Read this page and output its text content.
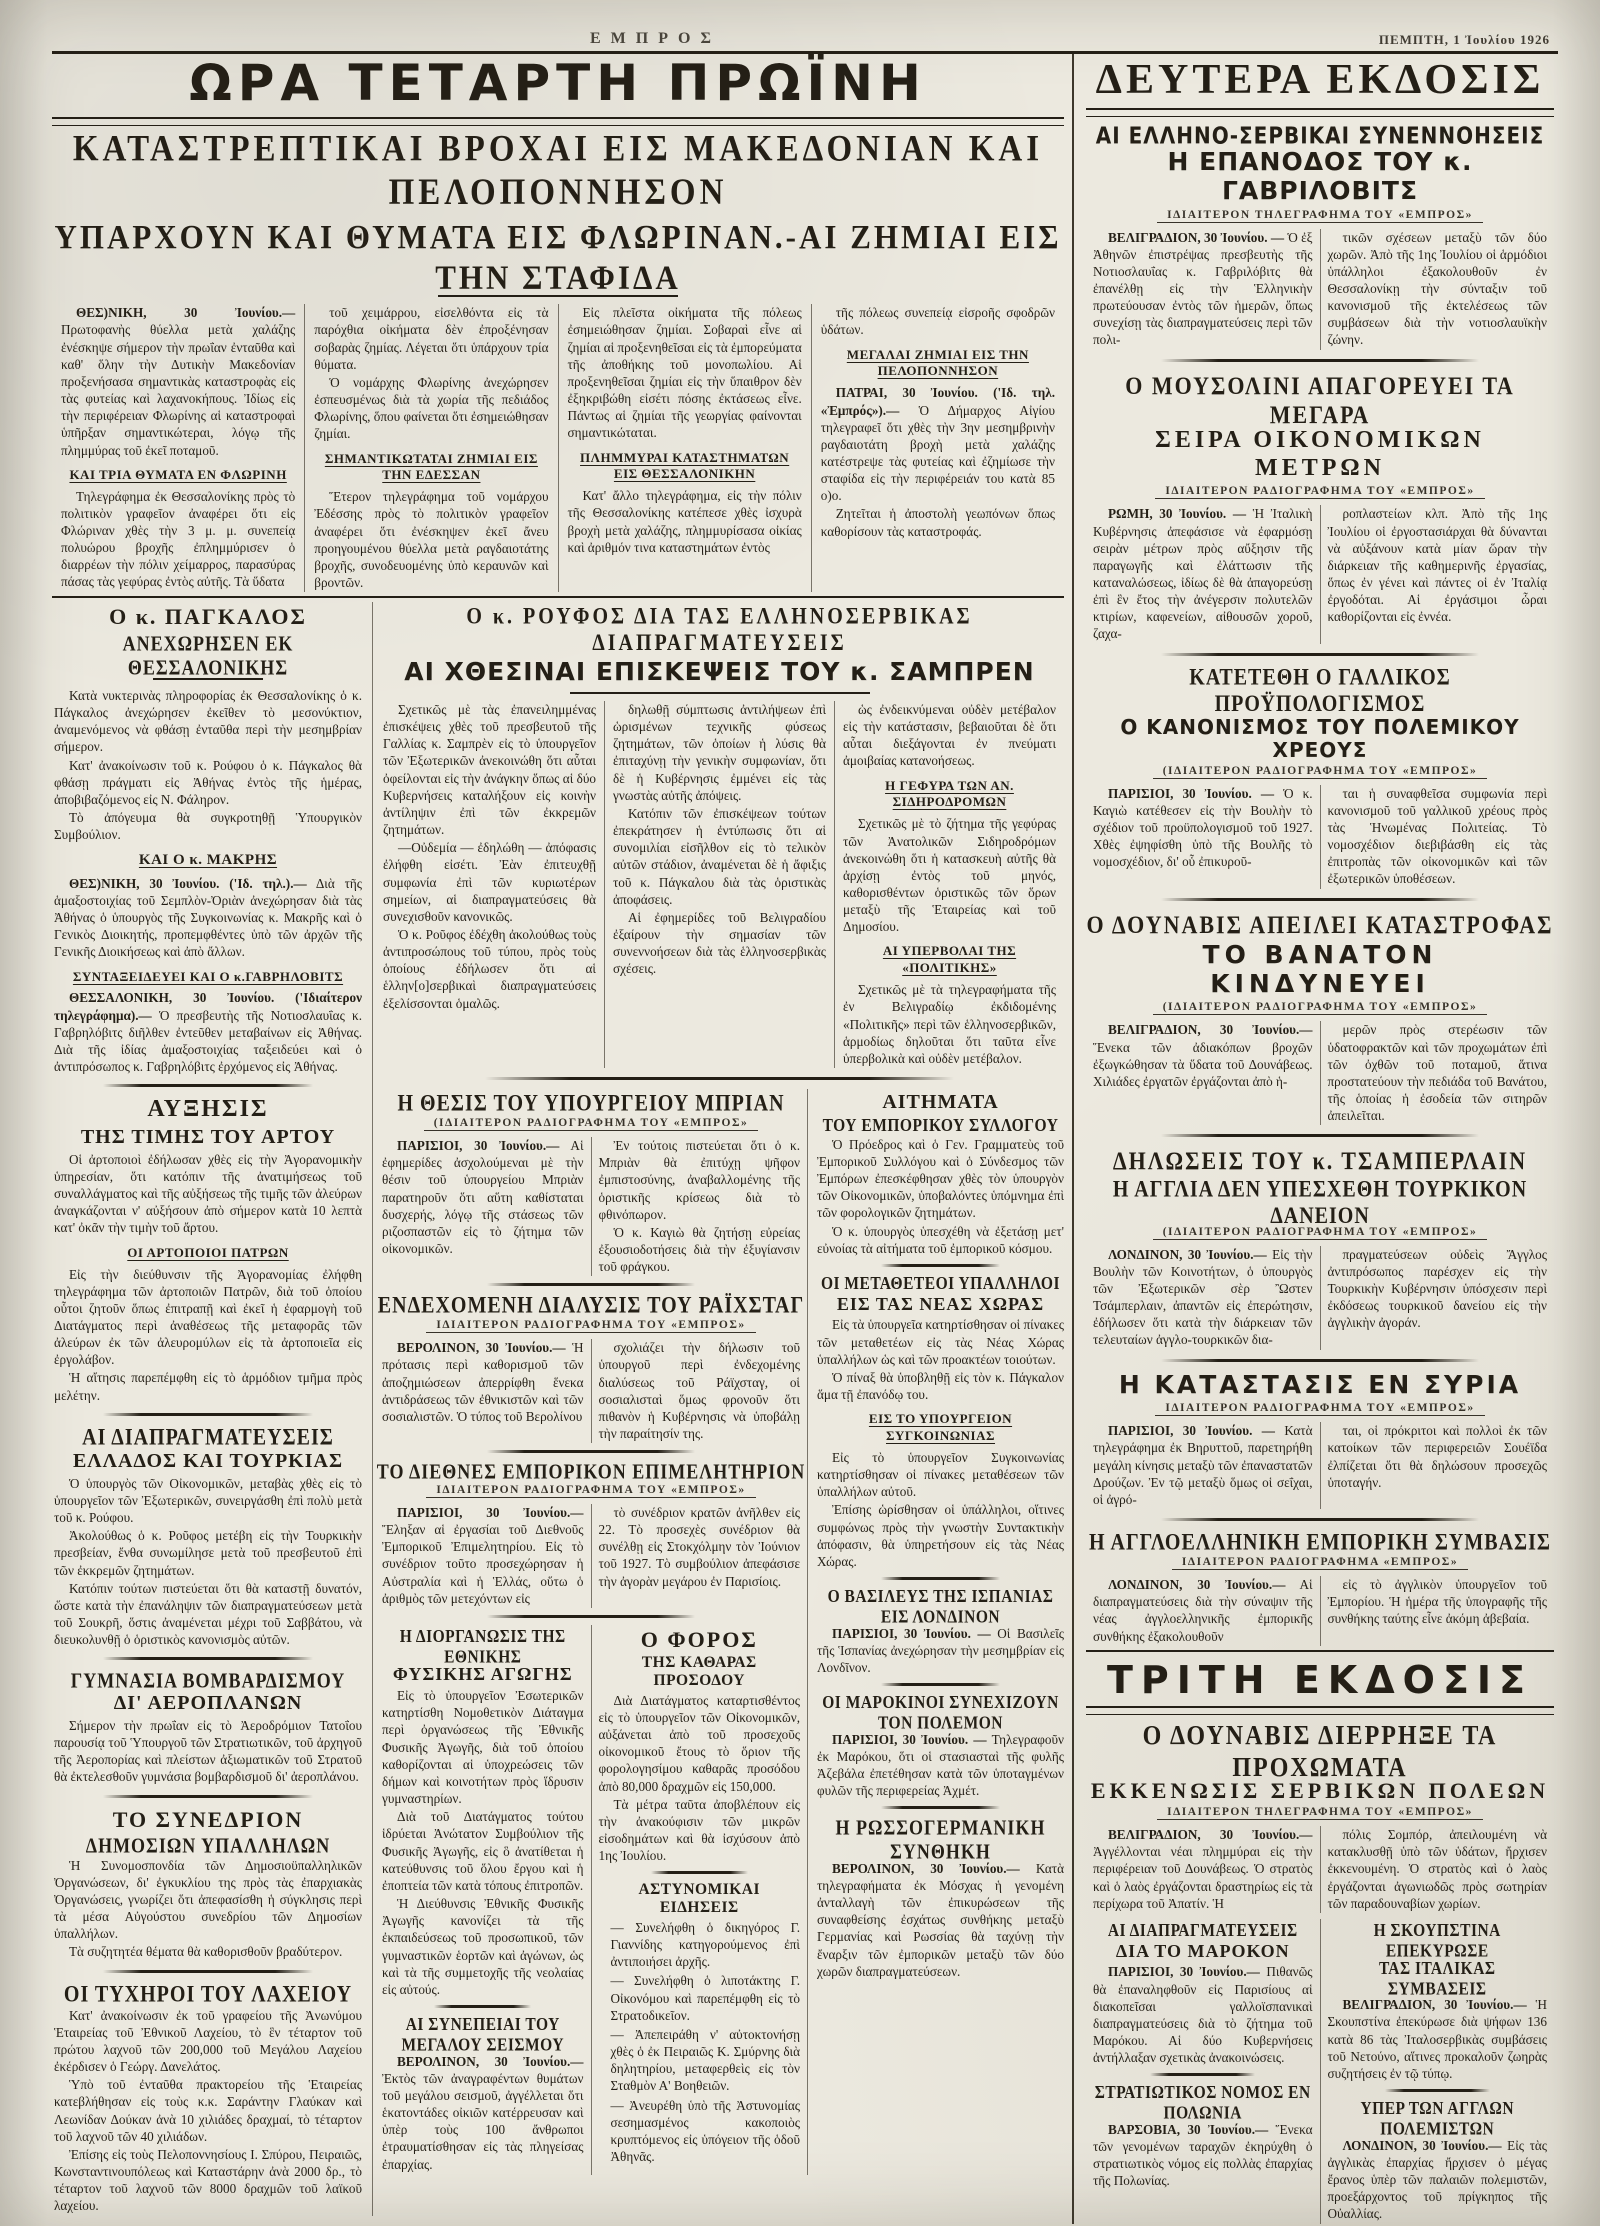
ΕΜΠΡΟΣ	ΠΕΜΠΤΗ, 1 Ἰουλίου 1926
ΩΡΑ ΤΕΤΑΡΤΗ ΠΡΩΪΝΗ
ΚΑΤΑΣΤΡΕΠΤΙΚΑΙ ΒΡΟΧΑΙ ΕΙΣ ΜΑΚΕΔΟΝΙΑΝ ΚΑΙ ΠΕΛΟΠΟΝΝΗΣΟΝ
ΥΠΑΡΧΟΥΝ ΚΑΙ ΘΥΜΑΤΑ ΕΙΣ ΦΛΩΡΙΝΑΝ.-ΑΙ ΖΗΜΙΑΙ ΕΙΣ ΤΗΝ ΣΤΑΦΙΔΑ

ΘΕΣ)ΝΙΚΗ, 30 Ἰουνίου.— Πρωτοφανὴς θύελλα μετὰ χαλάζης ἐνέσκηψε σήμερον τὴν πρωΐαν ἐνταῦθα καὶ καθ' ὅλην τὴν Δυτικὴν Μακεδονίαν προξενήσασα σημαντικὰς καταστροφὰς εἰς τὰς φυτείας καὶ λαχανοκήπους. Ἰδίως εἰς τὴν περιφέρειαν Φλωρίνης αἱ καταστροφαὶ ὑπῆρξαν σημαντικώτεραι, λόγῳ τῆς πλημμύρας τοῦ ἐκεῖ ποταμοῦ.

ΚΑΙ ΤΡΙΑ ΘΥΜΑΤΑ ΕΝ ΦΛΩΡΙΝΗ

Τηλεγράφημα ἐκ Θεσσαλονίκης πρὸς τὸ πολιτικὸν γραφεῖον ἀναφέρει ὅτι εἰς Φλώριναν χθὲς τὴν 3 μ. μ. συνεπείᾳ πολυώρου βροχῆς ἐπλημμύρισεν ὁ διαρρέων τὴν πόλιν χείμαρρος, παρασύρας πάσας τὰς γεφύρας ἐντὸς αὐτῆς. Τὰ ὕδατα

τοῦ χειμάρρου, εἰσελθόντα εἰς τὰ παρόχθια οἰκήματα δὲν ἐπροξένησαν σοβαρὰς ζημίας. Λέγεται ὅτι ὑπάρχουν τρία θύματα.

Ὁ νομάρχης Φλωρίνης ἀνεχώρησεν ἐσπευσμένως διὰ τὰ χωρία τῆς πεδιάδος Φλωρίνης, ὅπου φαίνεται ὅτι ἐσημειώθησαν ζημίαι.

ΣΗΜΑΝΤΙΚΩΤΑΤΑΙ ΖΗΜΙΑΙ ΕΙΣ ΤΗΝ ΕΔΕΣΣΑΝ

Ἕτερον τηλεγράφημα τοῦ νομάρχου Ἐδέσσης πρὸς τὸ πολιτικὸν γραφεῖον ἀναφέρει ὅτι ἐνέσκηψεν ἐκεῖ ἄνευ προηγουμένου θύελλα μετὰ ραγδαιοτάτης βροχῆς, συνοδευομένης ὑπὸ κεραυνῶν καὶ βροντῶν.

Εἰς πλεῖστα οἰκήματα τῆς πόλεως ἐσημειώθησαν ζημίαι. Σοβαραὶ εἶνε αἱ ζημίαι αἱ προξενηθεῖσαι εἰς τὰ ἐμπορεύματα τῆς ἀποθήκης τοῦ μονοπωλίου. Αἱ προξενηθεῖσαι ζημίαι εἰς τὴν ὕπαιθρον δὲν ἐξηκριβώθη εἰσέτι πόσης ἐκτάσεως εἶνε. Πάντως αἱ ζημίαι τῆς γεωργίας φαίνονται σημαντικώταται.

ΠΛΗΜΜΥΡΑΙ ΚΑΤΑΣΤΗΜΑΤΩΝ ΕΙΣ ΘΕΣΣΑΛΟΝΙΚΗΝ

Κατ' ἄλλο τηλεγράφημα, εἰς τὴν πόλιν τῆς Θεσσαλονίκης κατέπεσε χθὲς ἰσχυρὰ βροχὴ μετὰ χαλάζης, πλημμυρίσασα οἰκίας καὶ ἀριθμόν τινα καταστημάτων ἐντὸς

τῆς πόλεως συνεπείᾳ εἰσροῆς σφοδρῶν ὑδάτων.

ΜΕΓΑΛΑΙ ΖΗΜΙΑΙ ΕΙΣ ΤΗΝ ΠΕΛΟΠΟΝΝΗΣΟΝ

ΠΑΤΡΑΙ, 30 Ἰουνίου. ('Ιδ. τηλ. «Ἐμπρός»).— Ὁ Δήμαρχος Αἰγίου τηλεγραφεῖ ὅτι χθὲς τὴν 3ην μεσημβρινὴν ραγδαιοτάτη βροχὴ μετὰ χαλάζης κατέστρεψε τὰς φυτείας καὶ ἐζημίωσε τὴν σταφίδα εἰς τὴν περιφέρειάν του κατὰ 85 ο)ο.

Ζητεῖται ἡ ἀποστολὴ γεωπόνων ὅπως καθορίσουν τὰς καταστροφάς.

Ο κ. ΠΑΓΚΑΛΟΣ
ΑΝΕΧΩΡΗΣΕΝ ΕΚ ΘΕΣΣΑΛΟΝΙΚΗΣ

Κατὰ νυκτερινὰς πληροφορίας ἐκ Θεσσαλονίκης ὁ κ. Πάγκαλος ἀνεχώρησεν ἐκεῖθεν τὸ μεσονύκτιον, ἀναμενόμενος νὰ φθάσῃ ἐνταῦθα περὶ τὴν μεσημβρίαν σήμερον.

Κατ' ἀνακοίνωσιν τοῦ κ. Ρούφου ὁ κ. Πάγκαλος θὰ φθάσῃ πράγματι εἰς Ἀθήνας ἐντὸς τῆς ἡμέρας, ἀποβιβαζόμενος εἰς Ν. Φάληρον.

Τὸ ἀπόγευμα θὰ συγκροτηθῇ Ὑπουργικὸν Συμβούλιον.

ΚΑΙ Ο κ. ΜΑΚΡΗΣ

ΘΕΣ)ΝΙΚΗ, 30 Ἰουνίου. ('Ιδ. τηλ.).— Διὰ τῆς ἁμαξοστοιχίας τοῦ Σεμπλὸν-Ὀριὰν ἀνεχώρησαν διὰ τὰς Ἀθήνας ὁ ὑπουργὸς τῆς Συγκοινωνίας κ. Μακρῆς καὶ ὁ Γενικὸς Διοικητής, προπεμφθέντες ὑπὸ τῶν ἀρχῶν τῆς Γενικῆς Διοικήσεως καὶ ἀπὸ ἄλλων.

ΣΥΝΤΑΞΕΙΔΕΥΕΙ ΚΑΙ Ο κ.ΓΑΒΡΗΛΟΒΙΤΣ

ΘΕΣΣΑΛΟΝΙΚΗ, 30 Ἰουνίου. ('Ιδιαίτερον τηλεγράφημα).— Ὁ πρεσβευτὴς τῆς Νοτιοσλαυΐας κ. Γαβρηλόβιτς διῆλθεν ἐντεῦθεν μεταβαίνων εἰς Ἀθήνας. Διὰ τῆς ἰδίας ἁμαξοστοιχίας ταξειδεύει καὶ ὁ ἀντιπρόσωπος κ. Γαβρηλόβιτς ἐρχόμενος εἰς Ἀθήνας.

ΑΥΞΗΣΙΣ
ΤΗΣ ΤΙΜΗΣ ΤΟΥ ΑΡΤΟΥ

Οἱ ἀρτοποιοὶ ἐδήλωσαν χθὲς εἰς τὴν Ἀγορανομικὴν ὑπηρεσίαν, ὅτι κατόπιν τῆς ἀνατιμήσεως τοῦ συναλλάγματος καὶ τῆς αὐξήσεως τῆς τιμῆς τῶν ἀλεύρων ἀναγκάζονται ν' αὐξήσουν ἀπὸ σήμερον κατὰ 10 λεπτὰ κατ' ὀκᾶν τὴν τιμὴν τοῦ ἄρτου.

ΟΙ ΑΡΤΟΠΟΙΟΙ ΠΑΤΡΩΝ

Εἰς τὴν διεύθυνσιν τῆς Ἀγορανομίας ἐλήφθη τηλεγράφημα τῶν ἀρτοποιῶν Πατρῶν, διὰ τοῦ ὁποίου οὗτοι ζητοῦν ὅπως ἐπιτραπῇ καὶ ἐκεῖ ἡ ἐφαρμογὴ τοῦ Διατάγματος περὶ ἀναθέσεως τῆς μεταφορᾶς τῶν ἀλεύρων ἐκ τῶν ἀλευρομύλων εἰς τὰ ἀρτοποιεῖα εἰς ἐργολάβον.

Ἡ αἴτησις παρεπέμφθη εἰς τὸ ἁρμόδιον τμῆμα πρὸς μελέτην.

ΑΙ ΔΙΑΠΡΑΓΜΑΤΕΥΣΕΙΣ
ΕΛΛΑΔΟΣ ΚΑΙ ΤΟΥΡΚΙΑΣ

Ὁ ὑπουργὸς τῶν Οἰκονομικῶν, μεταβὰς χθὲς εἰς τὸ ὑπουργεῖον τῶν Ἐξωτερικῶν, συνειργάσθη ἐπὶ πολὺ μετὰ τοῦ κ. Ρούφου.

Ἀκολούθως ὁ κ. Ροῦφος μετέβη εἰς τὴν Τουρκικὴν πρεσβείαν, ἔνθα συνωμίλησε μετὰ τοῦ πρεσβευτοῦ ἐπὶ τῶν ἐκκρεμῶν ζητημάτων.

Κατόπιν τούτων πιστεύεται ὅτι θὰ καταστῇ δυνατόν, ὥστε κατὰ τὴν ἐπανάληψιν τῶν διαπραγματεύσεων μετὰ τοῦ Σουκρῆ, ὅστις ἀναμένεται μέχρι τοῦ Σαββάτου, νὰ διευκολυνθῇ ὁ ὁριστικὸς κανονισμὸς αὐτῶν.

ΓΥΜΝΑΣΙΑ ΒΟΜΒΑΡΔΙΣΜΟΥ
ΔΙ' ΑΕΡΟΠΛΑΝΩΝ

Σήμερον τὴν πρωΐαν εἰς τὸ Ἀεροδρόμιον Τατοΐου παρουσίᾳ τοῦ Ὑπουργοῦ τῶν Στρατιωτικῶν, τοῦ ἀρχηγοῦ τῆς Ἀεροπορίας καὶ πλείστων ἀξιωματικῶν τοῦ Στρατοῦ θὰ ἐκτελεσθοῦν γυμνάσια βομβαρδισμοῦ δι' ἀεροπλάνου.

ΤΟ ΣΥΝΕΔΡΙΟΝ
ΔΗΜΟΣΙΩΝ ΥΠΑΛΛΗΛΩΝ

Ἡ Συνομοσπονδία τῶν Δημοσιοϋπαλληλικῶν Ὀργανώσεων, δι' ἐγκυκλίου της πρὸς τὰς ἐπαρχιακὰς Ὀργανώσεις, γνωρίζει ὅτι ἀπεφασίσθη ἡ σύγκλησις περὶ τὰ μέσα Αὐγούστου συνεδρίου τῶν Δημοσίων ὑπαλλήλων.

Τὰ συζητητέα θέματα θὰ καθορισθοῦν βραδύτερον.

ΟΙ ΤΥΧΗΡΟΙ ΤΟΥ ΛΑΧΕΙΟΥ

Κατ' ἀνακοίνωσιν ἐκ τοῦ γραφείου τῆς Ἀνωνύμου Ἑταιρείας τοῦ Ἐθνικοῦ Λαχείου, τὸ ἓν τέταρτον τοῦ πρώτου λαχνοῦ τῶν 200,000 τοῦ Μεγάλου Λαχείου ἐκέρδισεν ὁ Γεώργ. Δανελάτος.

Ὑπὸ τοῦ ἐνταῦθα πρακτορείου τῆς Ἑταιρείας κατεβλήθησαν εἰς τοὺς κ.κ. Σαράντην Γλαύκαν καὶ Λεωνίδαν Δούκαν ἀνὰ 10 χιλιάδες δραχμαί, τὸ τέταρτον τοῦ λαχνοῦ τῶν 40 χιλιάδων.

Ἐπίσης εἰς τοὺς Πελοποννησίους Ι. Σπύρου, Πειραιῶς, Κωνσταντινουπόλεως καὶ Καταστάρην ἀνὰ 2000 δρ., τὸ τέταρτον τοῦ λαχνοῦ τῶν 8000 δραχμῶν τοῦ λαϊκοῦ λαχείου.

Ο κ. ΡΟΥΦΟΣ ΔΙΑ ΤΑΣ ΕΛΛΗΝΟΣΕΡΒΙΚΑΣ ΔΙΑΠΡΑΓΜΑΤΕΥΣΕΙΣ
ΑΙ ΧΘΕΣΙΝΑΙ ΕΠΙΣΚΕΨΕΙΣ ΤΟΥ κ. ΣΑΜΠΡΕΝ

Σχετικῶς μὲ τὰς ἐπανειλημμένας ἐπισκέψεις χθὲς τοῦ πρεσβευτοῦ τῆς Γαλλίας κ. Σαμπρὲν εἰς τὸ ὑπουργεῖον τῶν Ἐξωτερικῶν ἀνεκοινώθη ὅτι αὗται ὀφείλονται εἰς τὴν ἀνάγκην ὅπως αἱ δύο Κυβερνήσεις καταλήξουν εἰς κοινὴν ἀντίληψιν ἐπὶ τῶν ἐκκρεμῶν ζητημάτων.

—Οὐδεμία — ἐδηλώθη — ἀπόφασις ἐλήφθη εἰσέτι. Ἐὰν ἐπιτευχθῇ συμφωνία ἐπὶ τῶν κυριωτέρων σημείων, αἱ διαπραγματεύσεις θὰ συνεχισθοῦν κανονικῶς.

Ὁ κ. Ροῦφος ἐδέχθη ἀκολούθως τοὺς ἀντιπροσώπους τοῦ τύπου, πρὸς τοὺς ὁποίους ἐδήλωσεν ὅτι αἱ ἑλλην[ο]σερβικαὶ διαπραγματεύσεις ἐξελίσσονται ὁμαλῶς.

δηλωθῇ σύμπτωσις ἀντιλήψεων ἐπὶ ὡρισμένων τεχνικῆς φύσεως ζητημάτων, τῶν ὁποίων ἡ λύσις θὰ ἐπιταχύνῃ τὴν γενικὴν συμφωνίαν, ὅτι δὲ ἡ Κυβέρνησις ἐμμένει εἰς τὰς γνωστὰς αὐτῆς ἀπόψεις.

Κατόπιν τῶν ἐπισκέψεων τούτων ἐπεκράτησεν ἡ ἐντύπωσις ὅτι αἱ συνομιλίαι εἰσῆλθον εἰς τὸ τελικὸν αὐτῶν στάδιον, ἀναμένεται δὲ ἡ ἄφιξις τοῦ κ. Πάγκαλου διὰ τὰς ὁριστικὰς ἀποφάσεις.

Αἱ ἐφημερίδες τοῦ Βελιγραδίου ἐξαίρουν τὴν σημασίαν τῶν συνεννοήσεων διὰ τὰς ἑλληνοσερβικὰς σχέσεις.

ὡς ἐνδεικνύμεναι οὐδὲν μετέβαλον εἰς τὴν κατάστασιν, βεβαιοῦται δὲ ὅτι αὗται διεξάγονται ἐν πνεύματι ἀμοιβαίας κατανοήσεως.

Η ΓΕΦΥΡΑ ΤΩΝ ΑΝ. ΣΙΔΗΡΟΔΡΟΜΩΝ

Σχετικῶς μὲ τὸ ζήτημα τῆς γεφύρας τῶν Ἀνατολικῶν Σιδηροδρόμων ἀνεκοινώθη ὅτι ἡ κατασκευὴ αὐτῆς θὰ ἀρχίσῃ ἐντὸς τοῦ μηνός, καθορισθέντων ὁριστικῶς τῶν ὅρων μεταξὺ τῆς Ἑταιρείας καὶ τοῦ Δημοσίου.

ΑΙ ΥΠΕΡΒΟΛΑΙ ΤΗΣ «ΠΟΛΙΤΙΚΗΣ»

Σχετικῶς μὲ τὰ τηλεγραφήματα τῆς ἐν Βελιγραδίῳ ἐκδιδομένης «Πολιτικῆς» περὶ τῶν ἑλληνοσερβικῶν, ἁρμοδίως δηλοῦται ὅτι ταῦτα εἶνε ὑπερβολικὰ καὶ οὐδὲν μετέβαλον.

Η ΘΕΣΙΣ ΤΟΥ ΥΠΟΥΡΓΕΙΟΥ ΜΠΡΙΑΝ
(ΙΔΙΑΙΤΕΡΟΝ ΡΑΔΙΟΓΡΑΦΗΜΑ ΤΟΥ «ΕΜΠΡΟΣ»

ΠΑΡΙΣΙΟΙ, 30 Ἰουνίου.— Αἱ ἐφημερίδες ἀσχολούμεναι μὲ τὴν θέσιν τοῦ ὑπουργείου Μπριὰν παρατηροῦν ὅτι αὕτη καθίσταται δυσχερής, λόγῳ τῆς στάσεως τῶν ριζοσπαστῶν εἰς τὸ ζήτημα τῶν οἰκονομικῶν.

Ἐν τούτοις πιστεύεται ὅτι ὁ κ. Μπριὰν θὰ ἐπιτύχῃ ψῆφον ἐμπιστοσύνης, ἀναβαλλομένης τῆς ὁριστικῆς κρίσεως διὰ τὸ φθινόπωρον.

Ὁ κ. Καγιὼ θὰ ζητήσῃ εὐρείας ἐξουσιοδοτήσεις διὰ τὴν ἐξυγίανσιν τοῦ φράγκου.

ΕΝΔΕΧΟΜΕΝΗ ΔΙΑΛΥΣΙΣ ΤΟΥ ΡΑΪΧΣΤΑΓ
ΙΔΙΑΙΤΕΡΟΝ ΡΑΔΙΟΓΡΑΦΗΜΑ ΤΟΥ «ΕΜΠΡΟΣ»

ΒΕΡΟΛΙΝΟΝ, 30 Ἰουνίου.— Ἡ πρότασις περὶ καθορισμοῦ τῶν ἀποζημιώσεων ἀπερρίφθη ἕνεκα ἀντιδράσεως τῶν ἐθνικιστῶν καὶ τῶν σοσιαλιστῶν. Ὁ τύπος τοῦ Βερολίνου

σχολιάζει τὴν δήλωσιν τοῦ ὑπουργοῦ περὶ ἐνδεχομένης διαλύσεως τοῦ Ράϊχσταγ, οἱ σοσιαλισταὶ ὅμως φρονοῦν ὅτι πιθανὸν ἡ Κυβέρνησις νὰ ὑποβάλῃ τὴν παραίτησίν της.

ΤΟ ΔΙΕΘΝΕΣ ΕΜΠΟΡΙΚΟΝ ΕΠΙΜΕΛΗΤΗΡΙΟΝ
ΙΔΙΑΙΤΕΡΟΝ ΡΑΔΙΟΓΡΑΦΗΜΑ ΤΟΥ «ΕΜΠΡΟΣ»

ΠΑΡΙΣΙΟΙ, 30 Ἰουνίου.— Ἔληξαν αἱ ἐργασίαι τοῦ Διεθνοῦς Ἐμπορικοῦ Ἐπιμελητηρίου. Εἰς τὸ συνέδριον τοῦτο προσεχώρησαν ἡ Αὐστραλία καὶ ἡ Ἑλλάς, οὕτω ὁ ἀριθμὸς τῶν μετεχόντων εἰς

τὸ συνέδριον κρατῶν ἀνῆλθεν εἰς 22. Τὸ προσεχὲς συνέδριον θὰ συνέλθῃ εἰς Στοκχόλμην τὸν Ἰούνιον τοῦ 1927. Τὸ συμβούλιον ἀπεφάσισε τὴν ἀγορὰν μεγάρου ἐν Παρισίοις.

Η ΔΙΟΡΓΑΝΩΣΙΣ ΤΗΣ ΕΘΝΙΚΗΣ
ΦΥΣΙΚΗΣ ΑΓΩΓΗΣ

Εἰς τὸ ὑπουργεῖον Ἐσωτερικῶν κατηρτίσθη Νομοθετικὸν Διάταγμα περὶ ὀργανώσεως τῆς Ἐθνικῆς Φυσικῆς Ἀγωγῆς, διὰ τοῦ ὁποίου καθορίζονται αἱ ὑποχρεώσεις τῶν δήμων καὶ κοινοτήτων πρὸς ἵδρυσιν γυμναστηρίων.

Διὰ τοῦ Διατάγματος τούτου ἱδρύεται Ἀνώτατον Συμβούλιον τῆς Φυσικῆς Ἀγωγῆς, εἰς ὃ ἀνατίθεται ἡ κατεύθυνσις τοῦ ὅλου ἔργου καὶ ἡ ἐποπτεία τῶν κατὰ τόπους ἐπιτροπῶν.

Ἡ Διεύθυνσις Ἐθνικῆς Φυσικῆς Ἀγωγῆς κανονίζει τὰ τῆς ἐκπαιδεύσεως τοῦ προσωπικοῦ, τῶν γυμναστικῶν ἑορτῶν καὶ ἀγώνων, ὡς καὶ τὰ τῆς συμμετοχῆς τῆς νεολαίας εἰς αὐτούς.

ΑΙ ΣΥΝΕΠΕΙΑΙ ΤΟΥ ΜΕΓΑΛΟΥ ΣΕΙΣΜΟΥ

ΒΕΡΟΛΙΝΟΝ, 30 Ἰουνίου.— Ἐκτὸς τῶν ἀναγραφέντων θυμάτων τοῦ μεγάλου σεισμοῦ, ἀγγέλλεται ὅτι ἑκατοντάδες οἰκιῶν κατέρρευσαν καὶ ὑπὲρ τοὺς 100 ἄνθρωποι ἐτραυματίσθησαν εἰς τὰς πληγείσας ἐπαρχίας.

Ο ΦΟΡΟΣ
ΤΗΣ ΚΑΘΑΡΑΣ ΠΡΟΣΟΔΟΥ

Διὰ Διατάγματος καταρτισθέντος εἰς τὸ ὑπουργεῖον τῶν Οἰκονομικῶν, αὐξάνεται ἀπὸ τοῦ προσεχοῦς οἰκονομικοῦ ἔτους τὸ ὅριον τῆς φορολογησίμου καθαρᾶς προσόδου ἀπὸ 80,000 δραχμῶν εἰς 150,000.

Τὰ μέτρα ταῦτα ἀποβλέπουν εἰς τὴν ἀνακούφισιν τῶν μικρῶν εἰσοδημάτων καὶ θὰ ἰσχύσουν ἀπὸ 1ης Ἰουλίου.

ΑΣΤΥΝΟΜΙΚΑΙ ΕΙΔΗΣΕΙΣ

— Συνελήφθη ὁ δικηγόρος Γ. Γιαννίδης κατηγορούμενος ἐπὶ ἀντιποιήσει ἀρχῆς.

— Συνελήφθη ὁ λιποτάκτης Γ. Οἰκονόμου καὶ παρεπέμφθη εἰς τὸ Στρατοδικεῖον.

— Ἀπεπειράθη ν' αὐτοκτονήσῃ χθὲς ὁ ἐκ Πειραιῶς Κ. Σμύρνης διὰ δηλητηρίου, μεταφερθεὶς εἰς τὸν Σταθμὸν Α' Βοηθειῶν.

— Ἀνευρέθη ὑπὸ τῆς Ἀστυνομίας σεσημασμένος κακοποιὸς κρυπτόμενος εἰς ὑπόγειον τῆς ὁδοῦ Ἀθηνᾶς.

ΑΙΤΗΜΑΤΑ
ΤΟΥ ΕΜΠΟΡΙΚΟΥ ΣΥΛΛΟΓΟΥ

Ὁ Πρόεδρος καὶ ὁ Γεν. Γραμματεὺς τοῦ Ἐμπορικοῦ Συλλόγου καὶ ὁ Σύνδεσμος τῶν Ἐμπόρων ἐπεσκέφθησαν χθὲς τὸν ὑπουργὸν τῶν Οἰκονομικῶν, ὑποβαλόντες ὑπόμνημα ἐπὶ τῶν φορολογικῶν ζητημάτων.

Ὁ κ. ὑπουργὸς ὑπεσχέθη νὰ ἐξετάσῃ μετ' εὐνοίας τὰ αἰτήματα τοῦ ἐμπορικοῦ κόσμου.

ΟΙ ΜΕΤΑΘΕΤΕΟΙ ΥΠΑΛΛΗΛΟΙ
ΕΙΣ ΤΑΣ ΝΕΑΣ ΧΩΡΑΣ

Εἰς τὰ ὑπουργεῖα κατηρτίσθησαν οἱ πίνακες τῶν μεταθετέων εἰς τὰς Νέας Χώρας ὑπαλλήλων ὡς καὶ τῶν προακτέων τοιούτων.

Ὁ πίναξ θὰ ὑποβληθῇ εἰς τὸν κ. Πάγκαλον ἅμα τῇ ἐπανόδῳ του.

ΕΙΣ ΤΟ ΥΠΟΥΡΓΕΙΟΝ ΣΥΓΚΟΙΝΩΝΙΑΣ

Εἰς τὸ ὑπουργεῖον Συγκοινωνίας κατηρτίσθησαν οἱ πίνακες μεταθέσεων τῶν ὑπαλλήλων αὐτοῦ.

Ἐπίσης ὡρίσθησαν οἱ ὑπάλληλοι, οἵτινες συμφώνως πρὸς τὴν γνωστὴν Συντακτικὴν ἀπόφασιν, θὰ ὑπηρετήσουν εἰς τὰς Νέας Χώρας.

Ο ΒΑΣΙΛΕΥΣ ΤΗΣ ΙΣΠΑΝΙΑΣ ΕΙΣ ΛΟΝΔΙΝΟΝ

ΠΑΡΙΣΙΟΙ, 30 Ἰουνίου. — Οἱ Βασιλεῖς τῆς Ἱσπανίας ἀνεχώρησαν τὴν μεσημβρίαν εἰς Λονδῖνον.

ΟΙ ΜΑΡΟΚΙΝΟΙ ΣΥΝΕΧΙΖΟΥΝ ΤΟΝ ΠΟΛΕΜΟΝ

ΠΑΡΙΣΙΟΙ, 30 Ἰουνίου. — Τηλεγραφοῦν ἐκ Μαρόκου, ὅτι οἱ στασιασταὶ τῆς φυλῆς Ἀζεβάλα ἐπετέθησαν κατὰ τῶν ὑποταγμένων φυλῶν τῆς περιφερείας Ἀχμέτ.

Η ΡΩΣΣΟΓΕΡΜΑΝΙΚΗ ΣΥΝΘΗΚΗ

ΒΕΡΟΛΙΝΟΝ, 30 Ἰουνίου.— Κατὰ τηλεγραφήματα ἐκ Μόσχας ἡ γενομένη ἀνταλλαγὴ τῶν ἐπικυρώσεων τῆς συναφθείσης ἐσχάτως συνθήκης μεταξὺ Γερμανίας καὶ Ρωσσίας θὰ ταχύνῃ τὴν ἔναρξιν τῶν ἐμπορικῶν μεταξὺ τῶν δύο χωρῶν διαπραγματεύσεων.

ΔΕΥΤΕΡΑ ΕΚΔΟΣΙΣ
ΑΙ ΕΛΛΗΝΟ-ΣΕΡΒΙΚΑΙ ΣΥΝΕΝΝΟΗΣΕΙΣ
Η ΕΠΑΝΟΔΟΣ ΤΟΥ κ. ΓΑΒΡΙΛΟΒΙΤΣ
ΙΔΙΑΙΤΕΡΟΝ ΤΗΛΕΓΡΑΦΗΜΑ ΤΟΥ «ΕΜΠΡΟΣ»

ΒΕΛΙΓΡΑΔΙΟΝ, 30 Ἰουνίου. — Ὁ ἐξ Ἀθηνῶν ἐπιστρέψας πρεσβευτὴς τῆς Νοτιοσλαυΐας κ. Γαβριλόβιτς θὰ ἐπανέλθῃ εἰς τὴν Ἑλληνικὴν πρωτεύουσαν ἐντὸς τῶν ἡμερῶν, ὅπως συνεχίσῃ τὰς διαπραγματεύσεις περὶ τῶν πολι-

τικῶν σχέσεων μεταξὺ τῶν δύο χωρῶν. Ἀπὸ τῆς 1ης Ἰουλίου οἱ ἁρμόδιοι ὑπάλληλοι ἐξακολουθοῦν ἐν Θεσσαλονίκῃ τὴν σύνταξιν τοῦ κανονισμοῦ τῆς ἐκτελέσεως τῶν συμβάσεων διὰ τὴν νοτιοσλαυϊκὴν ζώνην.

Ο ΜΟΥΣΟΛΙΝΙ ΑΠΑΓΟΡΕΥΕΙ ΤΑ ΜΕΓΑΡΑ
ΣΕΙΡΑ ΟΙΚΟΝΟΜΙΚΩΝ ΜΕΤΡΩΝ
ΙΔΙΑΙΤΕΡΟΝ ΡΑΔΙΟΓΡΑΦΗΜΑ ΤΟΥ «ΕΜΠΡΟΣ»

ΡΩΜΗ, 30 Ἰουνίου. — Ἡ Ἰταλικὴ Κυβέρνησις ἀπεφάσισε νὰ ἐφαρμόσῃ σειρὰν μέτρων πρὸς αὔξησιν τῆς παραγωγῆς καὶ ἐλάττωσιν τῆς καταναλώσεως, ἰδίως δὲ θὰ ἀπαγορεύσῃ ἐπὶ ἓν ἔτος τὴν ἀνέγερσιν πολυτελῶν κτιρίων, καφενείων, αἰθουσῶν χοροῦ, ζαχα-

ροπλαστείων κλπ. Ἀπὸ τῆς 1ης Ἰουλίου οἱ ἐργοστασιάρχαι θὰ δύνανται νὰ αὐξάνουν κατὰ μίαν ὥραν τὴν διάρκειαν τῆς καθημερινῆς ἐργασίας, ὅπως ἐν γένει καὶ πάντες οἱ ἐν Ἰταλίᾳ ἐργοδόται. Αἱ ἐργάσιμοι ὧραι καθορίζονται εἰς ἐννέα.

ΚΑΤΕΤΕΘΗ Ο ΓΑΛΛΙΚΟΣ ΠΡΟΫΠΟΛΟΓΙΣΜΟΣ
Ο ΚΑΝΟΝΙΣΜΟΣ ΤΟΥ ΠΟΛΕΜΙΚΟΥ ΧΡΕΟΥΣ
(ΙΔΙΑΙΤΕΡΟΝ ΡΑΔΙΟΓΡΑΦΗΜΑ ΤΟΥ «ΕΜΠΡΟΣ»

ΠΑΡΙΣΙΟΙ, 30 Ἰουνίου. — Ὁ κ. Καγιὼ κατέθεσεν εἰς τὴν Βουλὴν τὸ σχέδιον τοῦ προϋπολογισμοῦ τοῦ 1927. Χθὲς ἐψηφίσθη ὑπὸ τῆς Βουλῆς τὸ νομοσχέδιον, δι' οὗ ἐπικυροῦ-

ται ἡ συναφθεῖσα συμφωνία περὶ κανονισμοῦ τοῦ γαλλικοῦ χρέους πρὸς τὰς Ἡνωμένας Πολιτείας. Τὸ νομοσχέδιον διεβιβάσθη εἰς τὰς ἐπιτροπὰς τῶν οἰκονομικῶν καὶ τῶν ἐξωτερικῶν ὑποθέσεων.

Ο ΔΟΥΝΑΒΙΣ ΑΠΕΙΛΕΙ ΚΑΤΑΣΤΡΟΦΑΣ
ΤΟ ΒΑΝΑΤΟΝ ΚΙΝΔΥΝΕΥΕΙ
(ΙΔΙΑΙΤΕΡΟΝ ΡΑΔΙΟΓΡΑΦΗΜΑ ΤΟΥ «ΕΜΠΡΟΣ»

ΒΕΛΙΓΡΑΔΙΟΝ, 30 Ἰουνίου.— Ἕνεκα τῶν ἀδιακόπων βροχῶν ἐξωγκώθησαν τὰ ὕδατα τοῦ Δουνάβεως. Χιλιάδες ἐργατῶν ἐργάζονται ἀπὸ ἡ-

μερῶν πρὸς στερέωσιν τῶν ὑδατοφρακτῶν καὶ τῶν προχωμάτων ἐπὶ τῶν ὀχθῶν τοῦ ποταμοῦ, ἅτινα προστατεύουν τὴν πεδιάδα τοῦ Βανάτου, τῆς ὁποίας ἡ ἐσοδεία τῶν σιτηρῶν ἀπειλεῖται.

ΔΗΛΩΣΕΙΣ ΤΟΥ κ. ΤΣΑΜΠΕΡΛΑΙΝ
Η ΑΓΓΛΙΑ ΔΕΝ ΥΠΕΣΧΕΘΗ ΤΟΥΡΚΙΚΟΝ ΔΑΝΕΙΟΝ
(ΙΔΙΑΙΤΕΡΟΝ ΡΑΔΙΟΓΡΑΦΗΜΑ ΤΟΥ «ΕΜΠΡΟΣ»

ΛΟΝΔΙΝΟΝ, 30 Ἰουνίου.— Εἰς τὴν Βουλὴν τῶν Κοινοτήτων, ὁ ὑπουργὸς τῶν Ἐξωτερικῶν σὲρ Ὢστεν Τσάμπερλαιν, ἀπαντῶν εἰς ἐπερώτησιν, ἐδήλωσεν ὅτι κατὰ τὴν διάρκειαν τῶν τελευταίων ἀγγλο-τουρκικῶν δια-

πραγματεύσεων οὐδεὶς Ἄγγλος ἀντιπρόσωπος παρέσχεν εἰς τὴν Τουρκικὴν Κυβέρνησιν ὑπόσχεσιν περὶ ἐκδόσεως τουρκικοῦ δανείου εἰς τὴν ἀγγλικὴν ἀγοράν.

Η ΚΑΤΑΣΤΑΣΙΣ ΕΝ ΣΥΡΙΑ
ΙΔΙΑΙΤΕΡΟΝ ΡΑΔΙΟΓΡΑΦΗΜΑ ΤΟΥ «ΕΜΠΡΟΣ»

ΠΑΡΙΣΙΟΙ, 30 Ἰουνίου. — Κατὰ τηλεγράφημα ἐκ Βηρυττοῦ, παρετηρήθη μεγάλη κίνησις μεταξὺ τῶν ἐπαναστατῶν Δρούζων. Ἐν τῷ μεταξὺ ὅμως οἱ σεΐχαι, οἱ ἀγρό-

ται, οἱ πρόκριτοι καὶ πολλοὶ ἐκ τῶν κατοίκων τῶν περιφερειῶν Σουέϊδα ἐλπίζεται ὅτι θὰ δηλώσουν προσεχῶς ὑποταγήν.

Η ΑΓΓΛΟΕΛΛΗΝΙΚΗ ΕΜΠΟΡΙΚΗ ΣΥΜΒΑΣΙΣ
ΙΔΙΑΙΤΕΡΟΝ ΡΑΔΙΟΓΡΑΦΗΜΑ «ΕΜΠΡΟΣ»

ΛΟΝΔΙΝΟΝ, 30 Ἰουνίου.— Αἱ διαπραγματεύσεις διὰ τὴν σύναψιν τῆς νέας ἀγγλοελληνικῆς ἐμπορικῆς συνθήκης ἐξακολουθοῦν

εἰς τὸ ἀγγλικὸν ὑπουργεῖον τοῦ Ἐμπορίου. Ἡ ἡμέρα τῆς ὑπογραφῆς τῆς συνθήκης ταύτης εἶνε ἀκόμη ἀβεβαία.

ΤΡΙΤΗ ΕΚΔΟΣΙΣ
Ο ΔΟΥΝΑΒΙΣ ΔΙΕΡΡΗΞΕ ΤΑ ΠΡΟΧΩΜΑΤΑ
ΕΚΚΕΝΩΣΙΣ ΣΕΡΒΙΚΩΝ ΠΟΛΕΩΝ
ΙΔΙΑΙΤΕΡΟΝ ΤΗΛΕΓΡΑΦΗΜΑ ΤΟΥ «ΕΜΠΡΟΣ»

ΒΕΛΙΓΡΑΔΙΟΝ, 30 Ἰουνίου.— Ἀγγέλλονται νέαι πλημμύραι εἰς τὴν περιφέρειαν τοῦ Δουνάβεως. Ὁ στρατὸς καὶ ὁ λαὸς ἐργάζονται δραστηρίως εἰς τὰ περίχωρα τοῦ Ἀπατίν. Ἡ

πόλις Σομπόρ, ἀπειλουμένη νὰ κατακλυσθῇ ὑπὸ τῶν ὑδάτων, ἤρχισεν ἐκκενουμένη. Ὁ στρατὸς καὶ ὁ λαὸς ἐργάζονται ἀγωνιωδῶς πρὸς σωτηρίαν τῶν παραδουναβίων χωρίων.

ΑΙ ΔΙΑΠΡΑΓΜΑΤΕΥΣΕΙΣ
ΔΙΑ ΤΟ ΜΑΡΟΚΟΝ

ΠΑΡΙΣΙΟΙ, 30 Ἰουνίου.— Πιθανῶς θὰ ἐπαναληφθοῦν εἰς Παρισίους αἱ διακοπεῖσαι γαλλοϊσπανικαὶ διαπραγματεύσεις διὰ τὸ ζήτημα τοῦ Μαρόκου. Αἱ δύο Κυβερνήσεις ἀντήλλαξαν σχετικὰς ἀνακοινώσεις.

ΣΤΡΑΤΙΩΤΙΚΟΣ ΝΟΜΟΣ ΕΝ ΠΟΛΩΝΙΑ

ΒΑΡΣΟΒΙΑ, 30 Ἰουνίου.— Ἕνεκα τῶν γενομένων ταραχῶν ἐκηρύχθη ὁ στρατιωτικὸς νόμος εἰς πολλὰς ἐπαρχίας τῆς Πολωνίας.

Η ΣΚΟΥΠΣΤΙΝΑ ΕΠΕΚΥΡΩΣΕ
ΤΑΣ ΙΤΑΛΙΚΑΣ ΣΥΜΒΑΣΕΙΣ

ΒΕΛΙΓΡΑΔΙΟΝ, 30 Ἰουνίου.— Ἡ Σκουπστίνα ἐπεκύρωσε διὰ ψήφων 136 κατὰ 86 τὰς Ἰταλοσερβικὰς συμβάσεις τοῦ Νετούνο, αἵτινες προκαλοῦν ζωηρὰς συζητήσεις ἐν τῷ τύπῳ.

ΥΠΕΡ ΤΩΝ ΑΓΓΛΩΝ ΠΟΛΕΜΙΣΤΩΝ

ΛΟΝΔΙΝΟΝ, 30 Ἰουνίου.— Εἰς τὰς ἀγγλικὰς ἐπαρχίας ἤρχισεν ὁ μέγας ἔρανος ὑπὲρ τῶν παλαιῶν πολεμιστῶν, προεξάρχοντος τοῦ πρίγκηπος τῆς Οὐαλλίας.
